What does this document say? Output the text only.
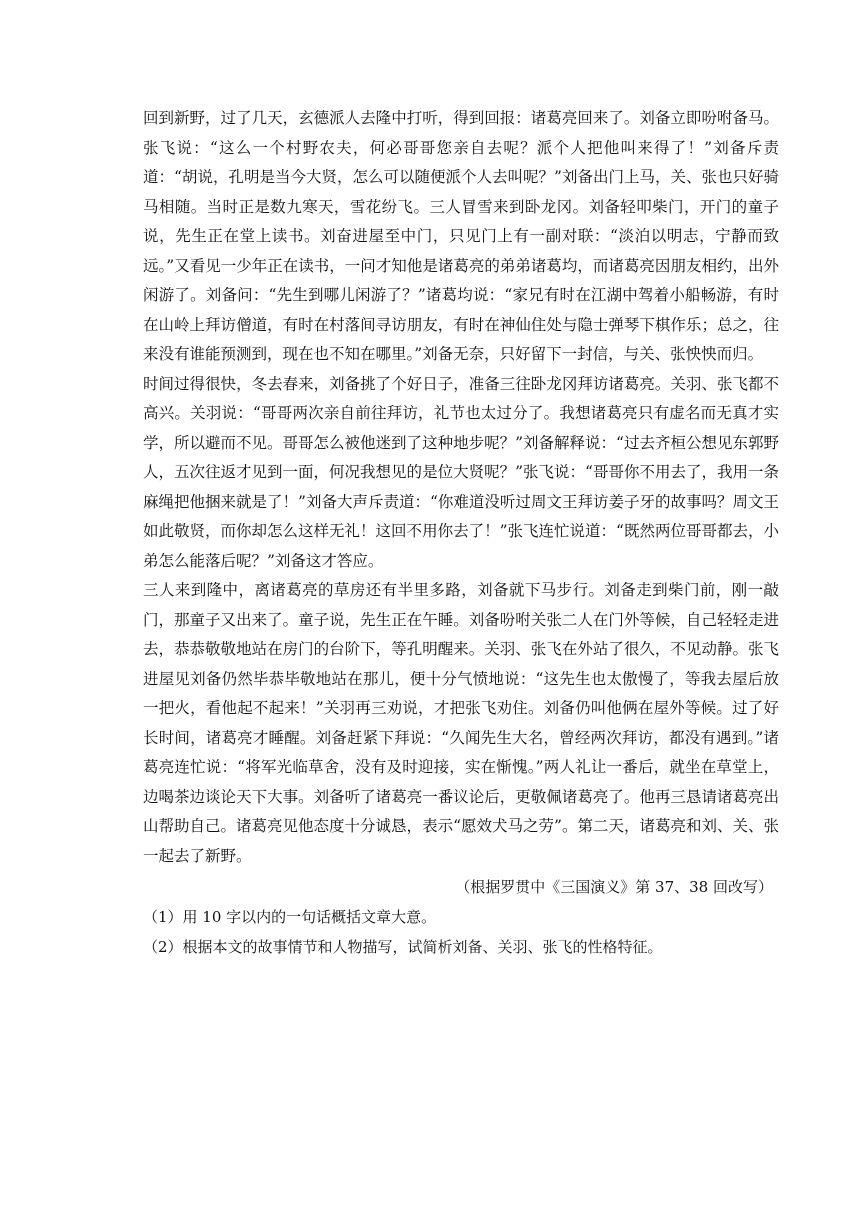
回到新野，过了几天，玄德派人去隆中打听，得到回报：诸葛亮回来了。刘备立即吩咐备马。张飞说：“这么一个村野农夫，何必哥哥您亲自去呢？派个人把他叫来得了！”刘备斥责道：“胡说，孔明是当今大贤，怎么可以随便派个人去叫呢？”刘备出门上马，关、张也只好骑马相随。当时正是数九寒天，雪花纷飞。三人冒雪来到卧龙冈。刘备轻叩柴门，开门的童子说，先生正在堂上读书。刘奋进屋至中门，只见门上有一副对联：“淡泊以明志，宁静而致远。”又看见一少年正在读书，一问才知他是诸葛亮的弟弟诸葛均，而诸葛亮因朋友相约，出外闲游了。刘备问：“先生到哪儿闲游了？”诸葛均说：“家兄有时在江湖中驾着小船畅游，有时在山岭上拜访僧道，有时在村落间寻访朋友，有时在神仙住处与隐士弹琴下棋作乐；总之，往来没有谁能预测到，现在也不知在哪里。”刘备无奈，只好留下一封信，与关、张怏怏而归。

时间过得很快，冬去春来，刘备挑了个好日子，准备三往卧龙冈拜访诸葛亮。关羽、张飞都不高兴。关羽说：“哥哥两次亲自前往拜访，礼节也太过分了。我想诸葛亮只有虚名而无真才实学，所以避而不见。哥哥怎么被他迷到了这种地步呢？”刘备解释说：“过去齐桓公想见东郭野人，五次往返才见到一面，何况我想见的是位大贤呢？”张飞说：“哥哥你不用去了，我用一条麻绳把他捆来就是了！”刘备大声斥责道：“你难道没听过周文王拜访姜子牙的故事吗？周文王如此敬贤，而你却怎么这样无礼！这回不用你去了！”张飞连忙说道：“既然两位哥哥都去，小弟怎么能落后呢？”刘备这才答应。

三人来到隆中，离诸葛亮的草房还有半里多路，刘备就下马步行。刘备走到柴门前，刚一敲门，那童子又出来了。童子说，先生正在午睡。刘备吩咐关张二人在门外等候，自己轻轻走进去，恭恭敬敬地站在房门的台阶下，等孔明醒来。关羽、张飞在外站了很久，不见动静。张飞进屋见刘备仍然毕恭毕敬地站在那儿，便十分气愤地说：“这先生也太傲慢了，等我去屋后放一把火，看他起不起来！”关羽再三劝说，才把张飞劝住。刘备仍叫他俩在屋外等候。过了好长时间，诸葛亮才睡醒。刘备赶紧下拜说：“久闻先生大名，曾经两次拜访，都没有遇到。”诸葛亮连忙说：“将军光临草舍，没有及时迎接，实在惭愧。”两人礼让一番后，就坐在草堂上，边喝茶边谈论天下大事。刘备听了诸葛亮一番议论后，更敬佩诸葛亮了。他再三恳请诸葛亮出山帮助自己。诸葛亮见他态度十分诚恳，表示“愿效犬马之劳”。第二天，诸葛亮和刘、关、张一起去了新野。

（根据罗贯中《三国演义》第 37、38 回改写）

（1）用 10 字以内的一句话概括文章大意。

（2）根据本文的故事情节和人物描写，试简析刘备、关羽、张飞的性格特征。
